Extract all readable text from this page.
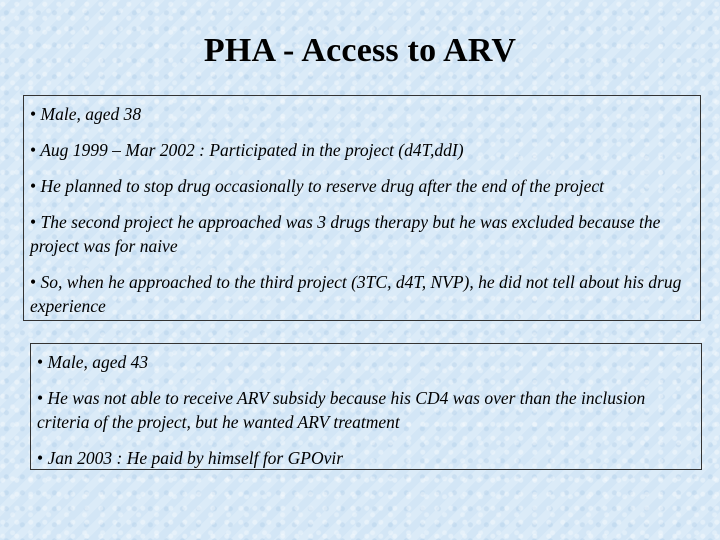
PHA - Access to ARV

• Male, aged 38

• Aug 1999 – Mar 2002 : Participated in the project (d4T,ddI)

• He planned to stop drug occasionally to reserve drug after the end of the project

• The second project he approached was 3 drugs therapy but he was excluded because the project was for naive

• So, when he approached to the third project (3TC, d4T, NVP), he did not tell about his drug experience

• Male, aged 43

• He was not able to receive ARV subsidy because his CD4 was over than the inclusion criteria of the project, but he wanted ARV treatment

• Jan 2003 : He paid by himself for GPOvir
